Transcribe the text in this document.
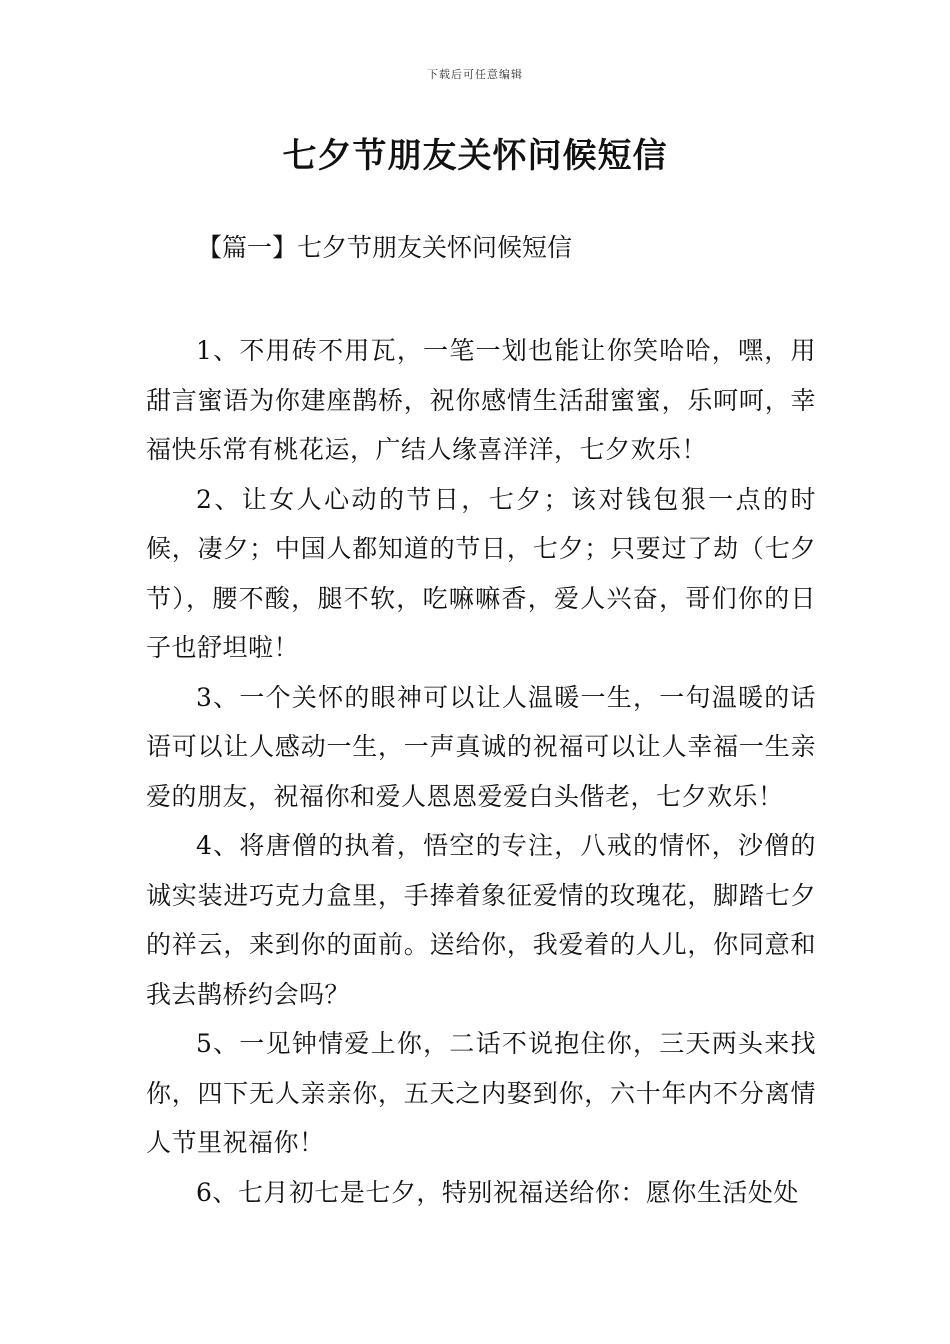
下载后可任意编辑
七夕节朋友关怀问候短信
【篇一】七夕节朋友关怀问候短信

1、不用砖不用瓦，一笔一划也能让你笑哈哈，嘿，用甜言蜜语为你建座鹊桥，祝你感情生活甜蜜蜜，乐呵呵，幸福快乐常有桃花运，广结人缘喜洋洋，七夕欢乐！

2、让女人心动的节日，七夕；该对钱包狠一点的时候，凄夕；中国人都知道的节日，七夕；只要过了劫（七夕节），腰不酸，腿不软，吃嘛嘛香，爱人兴奋，哥们你的日子也舒坦啦！

3、一个关怀的眼神可以让人温暖一生，一句温暖的话语可以让人感动一生，一声真诚的祝福可以让人幸福一生亲爱的朋友，祝福你和爱人恩恩爱爱白头偕老，七夕欢乐！

4、将唐僧的执着，悟空的专注，八戒的情怀，沙僧的诚实装进巧克力盒里，手捧着象征爱情的玫瑰花，脚踏七夕的祥云，来到你的面前。送给你，我爱着的人儿，你同意和我去鹊桥约会吗？

5、一见钟情爱上你，二话不说抱住你，三天两头来找你，四下无人亲亲你，五天之内娶到你，六十年内不分离情人节里祝福你！

6、七月初七是七夕，特别祝福送给你：愿你生活处处
